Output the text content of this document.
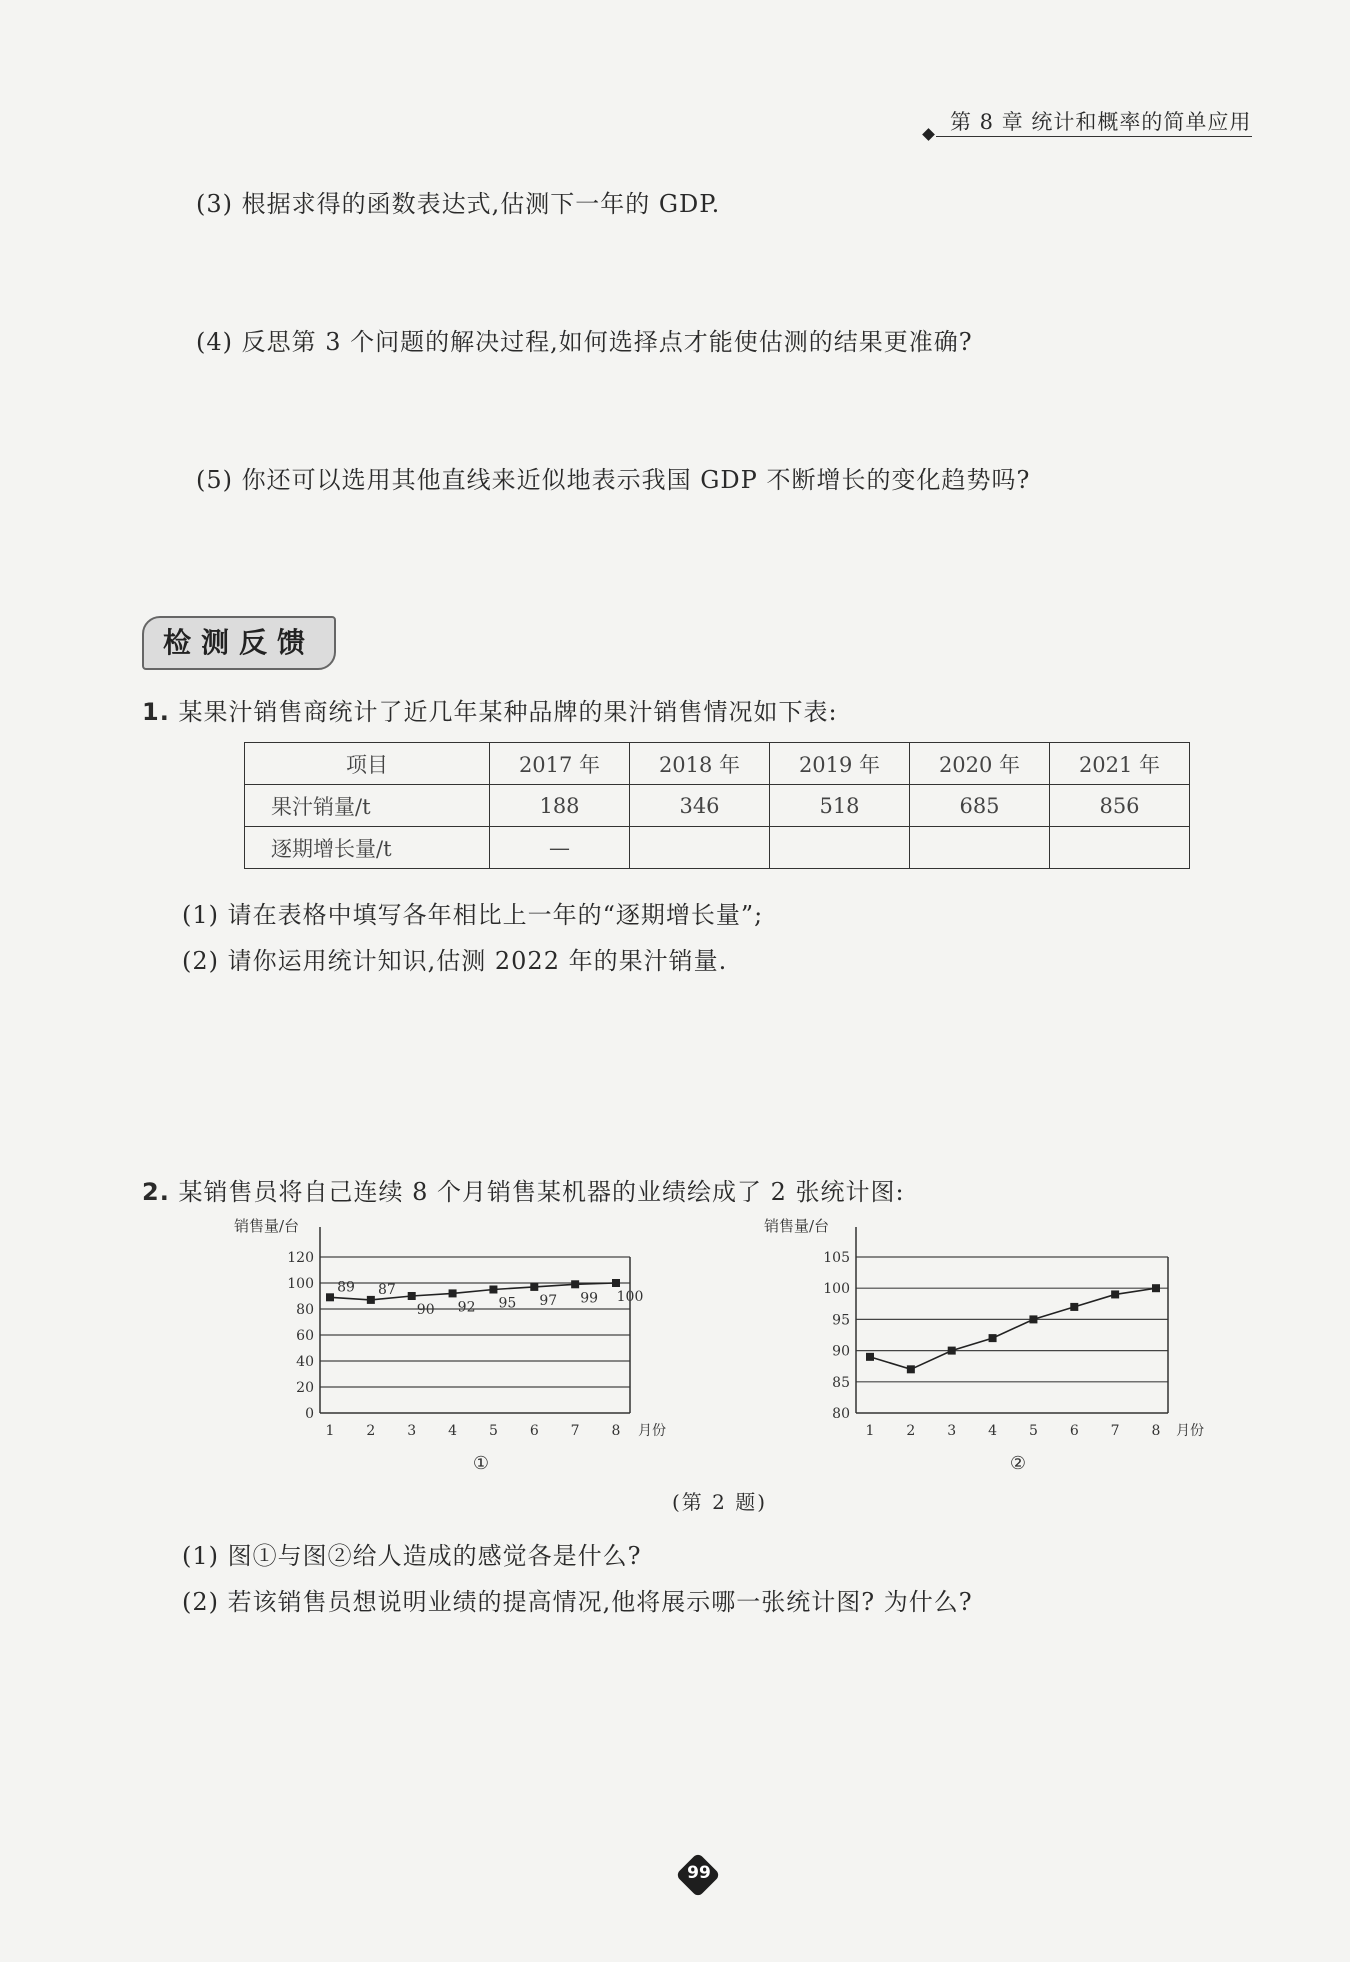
第 8 章 统计和概率的简单应用
(3) 根据求得的函数表达式,估测下一年的 GDP.
(4) 反思第 3 个问题的解决过程,如何选择点才能使估测的结果更准确?
(5) 你还可以选用其他直线来近似地表示我国 GDP 不断增长的变化趋势吗?
检测反馈
1. 某果汁销售商统计了近几年某种品牌的果汁销售情况如下表:
项目	2017 年	2018 年	2019 年	2020 年	2021 年
果汁销量/t	188	346	518	685	856
逐期增长量/t	—				
(1) 请在表格中填写各年相比上一年的“逐期增长量”;
(2) 请你运用统计知识,估测 2022 年的果汁销量.
2. 某销售员将自己连续 8 个月销售某机器的业绩绘成了 2 张统计图:
销售量/台
0
20
40
60
80
100
120
1 2 3 4 5 6 7 8 月份
89 87
90 92 95 97 99 100
①
销售量/台
80
85
90
95
100
105
1 2 3 4 5 6 7 8 月份
②
(第 2 题)
(1) 图①与图②给人造成的感觉各是什么?
(2) 若该销售员想说明业绩的提高情况,他将展示哪一张统计图? 为什么?
99
